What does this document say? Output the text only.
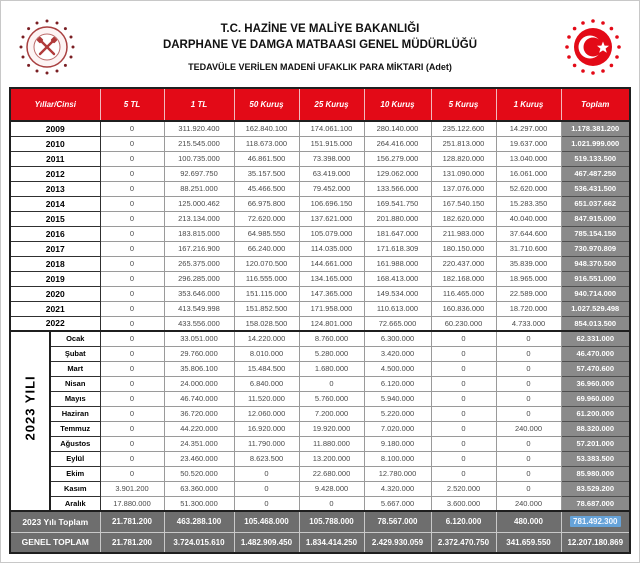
T.C. HAZİNE VE MALİYE BAKANLIĞI
DARPHANE VE DAMGA MATBAASI GENEL MÜDÜRLÜĞÜ
TEDAVÜLE VERİLEN MADENİ UFAKLIK PARA MİKTARI (Adet)
Yıllar/Cinsi		5 TL	1 TL	50 Kuruş	25 Kuruş	10 Kuruş	5 Kuruş	1 Kuruş	Toplam
2009		0	311.920.400	162.840.100	174.061.100	280.140.000	235.122.600	14.297.000	1.178.381.200
2010		0	215.545.000	118.673.000	151.915.000	264.416.000	251.813.000	19.637.000	1.021.999.000
2011		0	100.735.000	46.861.500	73.398.000	156.279.000	128.820.000	13.040.000	519.133.500
2012		0	92.697.750	35.157.500	63.419.000	129.062.000	131.090.000	16.061.000	467.487.250
2013		0	88.251.000	45.466.500	79.452.000	133.566.000	137.076.000	52.620.000	536.431.500
2014		0	125.000.462	66.975.800	106.696.150	169.541.750	167.540.150	15.283.350	651.037.662
2015		0	213.134.000	72.620.000	137.621.000	201.880.000	182.620.000	40.040.000	847.915.000
2016		0	183.815.000	64.985.550	105.079.000	181.647.000	211.983.000	37.644.600	785.154.150
2017		0	167.216.900	66.240.000	114.035.000	171.618.309	180.150.000	31.710.600	730.970.809
2018		0	265.375.000	120.070.500	144.661.000	161.988.000	220.437.000	35.839.000	948.370.500
2019		0	296.285.000	116.555.000	134.165.000	168.413.000	182.168.000	18.965.000	916.551.000
2020		0	353.646.000	151.115.000	147.365.000	149.534.000	116.465.000	22.589.000	940.714.000
2021		0	413.549.998	151.852.500	171.958.000	110.613.000	160.836.000	18.720.000	1.027.529.498
2022		0	433.556.000	158.028.500	124.801.000	72.665.000	60.230.000	4.733.000	854.013.500

2023 YILI	Ocak	0	33.051.000	14.220.000	8.760.000	6.300.000	0	0	62.331.000
	Şubat	0	29.760.000	8.010.000	5.280.000	3.420.000	0	0	46.470.000
	Mart	0	35.806.100	15.484.500	1.680.000	4.500.000	0	0	57.470.600
	Nisan	0	24.000.000	6.840.000	0	6.120.000	0	0	36.960.000
	Mayıs	0	46.740.000	11.520.000	5.760.000	5.940.000	0	0	69.960.000
	Haziran	0	36.720.000	12.060.000	7.200.000	5.220.000	0	0	61.200.000
	Temmuz	0	44.220.000	16.920.000	19.920.000	7.020.000	0	240.000	88.320.000
	Ağustos	0	24.351.000	11.790.000	11.880.000	9.180.000	0	0	57.201.000
	Eylül	0	23.460.000	8.623.500	13.200.000	8.100.000	0	0	53.383.500
	Ekim	0	50.520.000	0	22.680.000	12.780.000	0	0	85.980.000
	Kasım	3.901.200	63.360.000	0	9.428.000	4.320.000	2.520.000	0	83.529.200
	Aralık	17.880.000	51.300.000	0	0	5.667.000	3.600.000	240.000	78.687.000
2023 Yılı Toplam		21.781.200	463.288.100	105.468.000	105.788.000	78.567.000	6.120.000	480.000	781.492.300
GENEL TOPLAM		21.781.200	3.724.015.610	1.482.909.450	1.834.414.250	2.429.930.059	2.372.470.750	341.659.550	12.207.180.869
